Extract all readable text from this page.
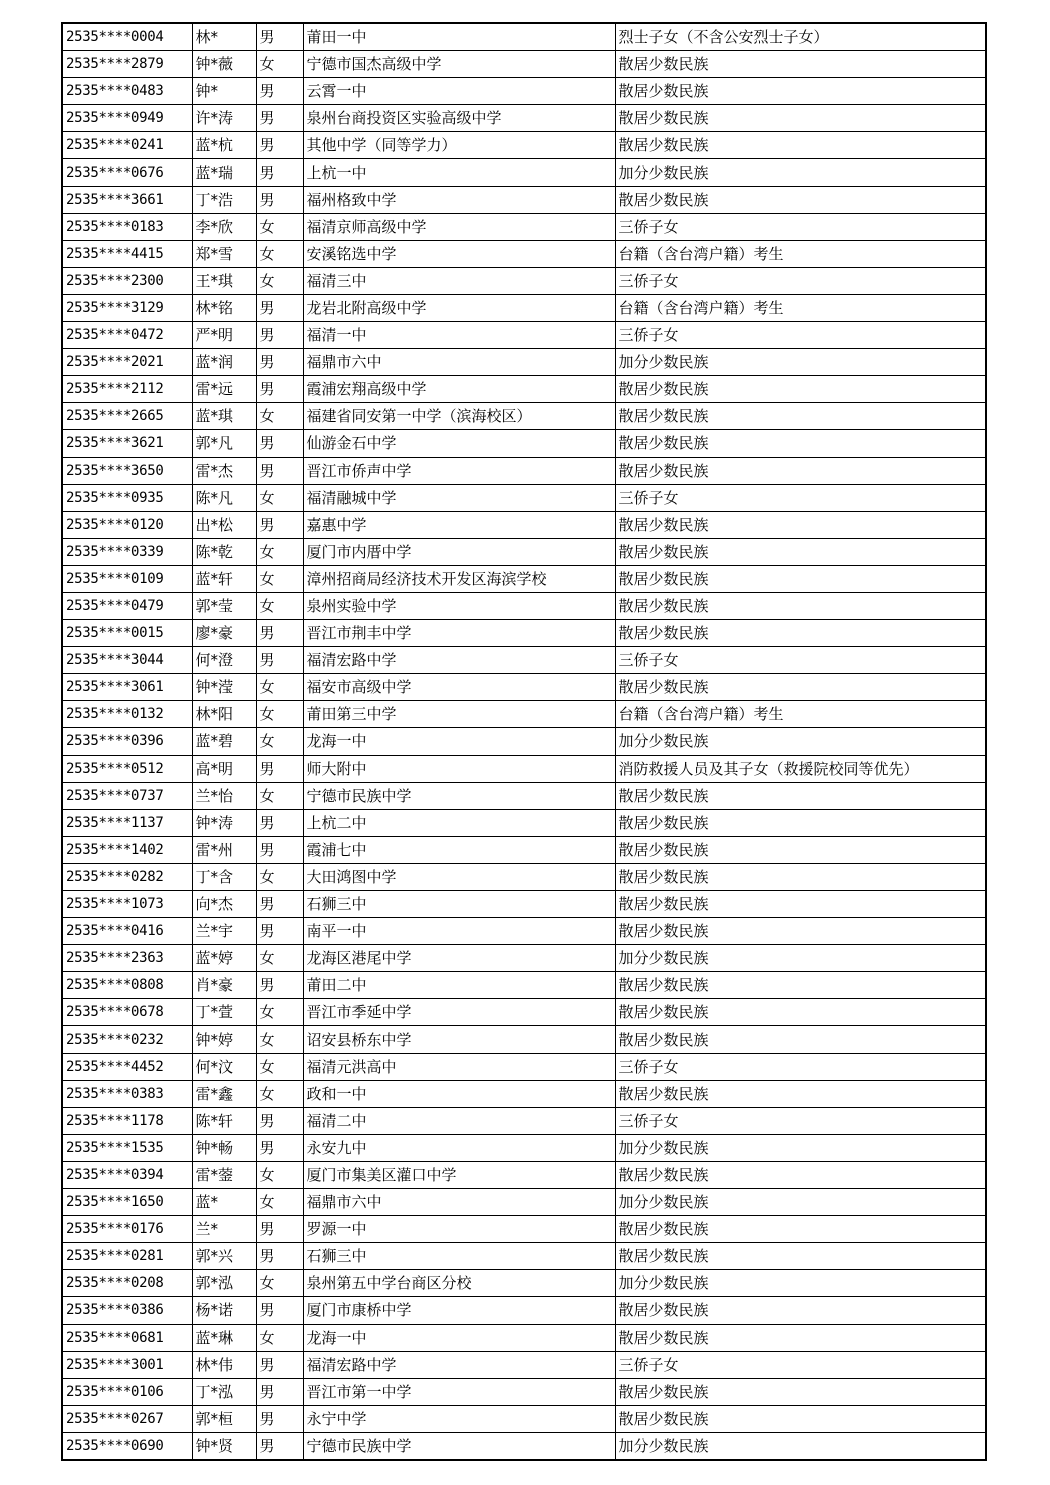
2535****0004	林*	男	莆田一中	烈士子女（不含公安烈士子女）
2535****2879	钟*薇	女	宁德市国杰高级中学	散居少数民族
2535****0483	钟*	男	云霄一中	散居少数民族
2535****0949	许*涛	男	泉州台商投资区实验高级中学	散居少数民族
2535****0241	蓝*杭	男	其他中学（同等学力）	散居少数民族
2535****0676	蓝*瑞	男	上杭一中	加分少数民族
2535****3661	丁*浩	男	福州格致中学	散居少数民族
2535****0183	李*欣	女	福清京师高级中学	三侨子女
2535****4415	郑*雪	女	安溪铭选中学	台籍（含台湾户籍）考生
2535****2300	王*琪	女	福清三中	三侨子女
2535****3129	林*铭	男	龙岩北附高级中学	台籍（含台湾户籍）考生
2535****0472	严*明	男	福清一中	三侨子女
2535****2021	蓝*润	男	福鼎市六中	加分少数民族
2535****2112	雷*远	男	霞浦宏翔高级中学	散居少数民族
2535****2665	蓝*琪	女	福建省同安第一中学（滨海校区）	散居少数民族
2535****3621	郭*凡	男	仙游金石中学	散居少数民族
2535****3650	雷*杰	男	晋江市侨声中学	散居少数民族
2535****0935	陈*凡	女	福清融城中学	三侨子女
2535****0120	出*松	男	嘉惠中学	散居少数民族
2535****0339	陈*乾	女	厦门市内厝中学	散居少数民族
2535****0109	蓝*轩	女	漳州招商局经济技术开发区海滨学校	散居少数民族
2535****0479	郭*莹	女	泉州实验中学	散居少数民族
2535****0015	廖*豪	男	晋江市荆丰中学	散居少数民族
2535****3044	何*澄	男	福清宏路中学	三侨子女
2535****3061	钟*滢	女	福安市高级中学	散居少数民族
2535****0132	林*阳	女	莆田第三中学	台籍（含台湾户籍）考生
2535****0396	蓝*碧	女	龙海一中	加分少数民族
2535****0512	高*明	男	师大附中	消防救援人员及其子女（救援院校同等优先）
2535****0737	兰*怡	女	宁德市民族中学	散居少数民族
2535****1137	钟*涛	男	上杭二中	散居少数民族
2535****1402	雷*州	男	霞浦七中	散居少数民族
2535****0282	丁*含	女	大田鸿图中学	散居少数民族
2535****1073	向*杰	男	石狮三中	散居少数民族
2535****0416	兰*宇	男	南平一中	散居少数民族
2535****2363	蓝*婷	女	龙海区港尾中学	加分少数民族
2535****0808	肖*豪	男	莆田二中	散居少数民族
2535****0678	丁*萱	女	晋江市季延中学	散居少数民族
2535****0232	钟*婷	女	诏安县桥东中学	散居少数民族
2535****4452	何*汶	女	福清元洪高中	三侨子女
2535****0383	雷*鑫	女	政和一中	散居少数民族
2535****1178	陈*轩	男	福清二中	三侨子女
2535****1535	钟*畅	男	永安九中	加分少数民族
2535****0394	雷*蓥	女	厦门市集美区灌口中学	散居少数民族
2535****1650	蓝*	女	福鼎市六中	加分少数民族
2535****0176	兰*	男	罗源一中	散居少数民族
2535****0281	郭*兴	男	石狮三中	散居少数民族
2535****0208	郭*泓	女	泉州第五中学台商区分校	加分少数民族
2535****0386	杨*诺	男	厦门市康桥中学	散居少数民族
2535****0681	蓝*琳	女	龙海一中	散居少数民族
2535****3001	林*伟	男	福清宏路中学	三侨子女
2535****0106	丁*泓	男	晋江市第一中学	散居少数民族
2535****0267	郭*桓	男	永宁中学	散居少数民族
2535****0690	钟*贤	男	宁德市民族中学	加分少数民族
